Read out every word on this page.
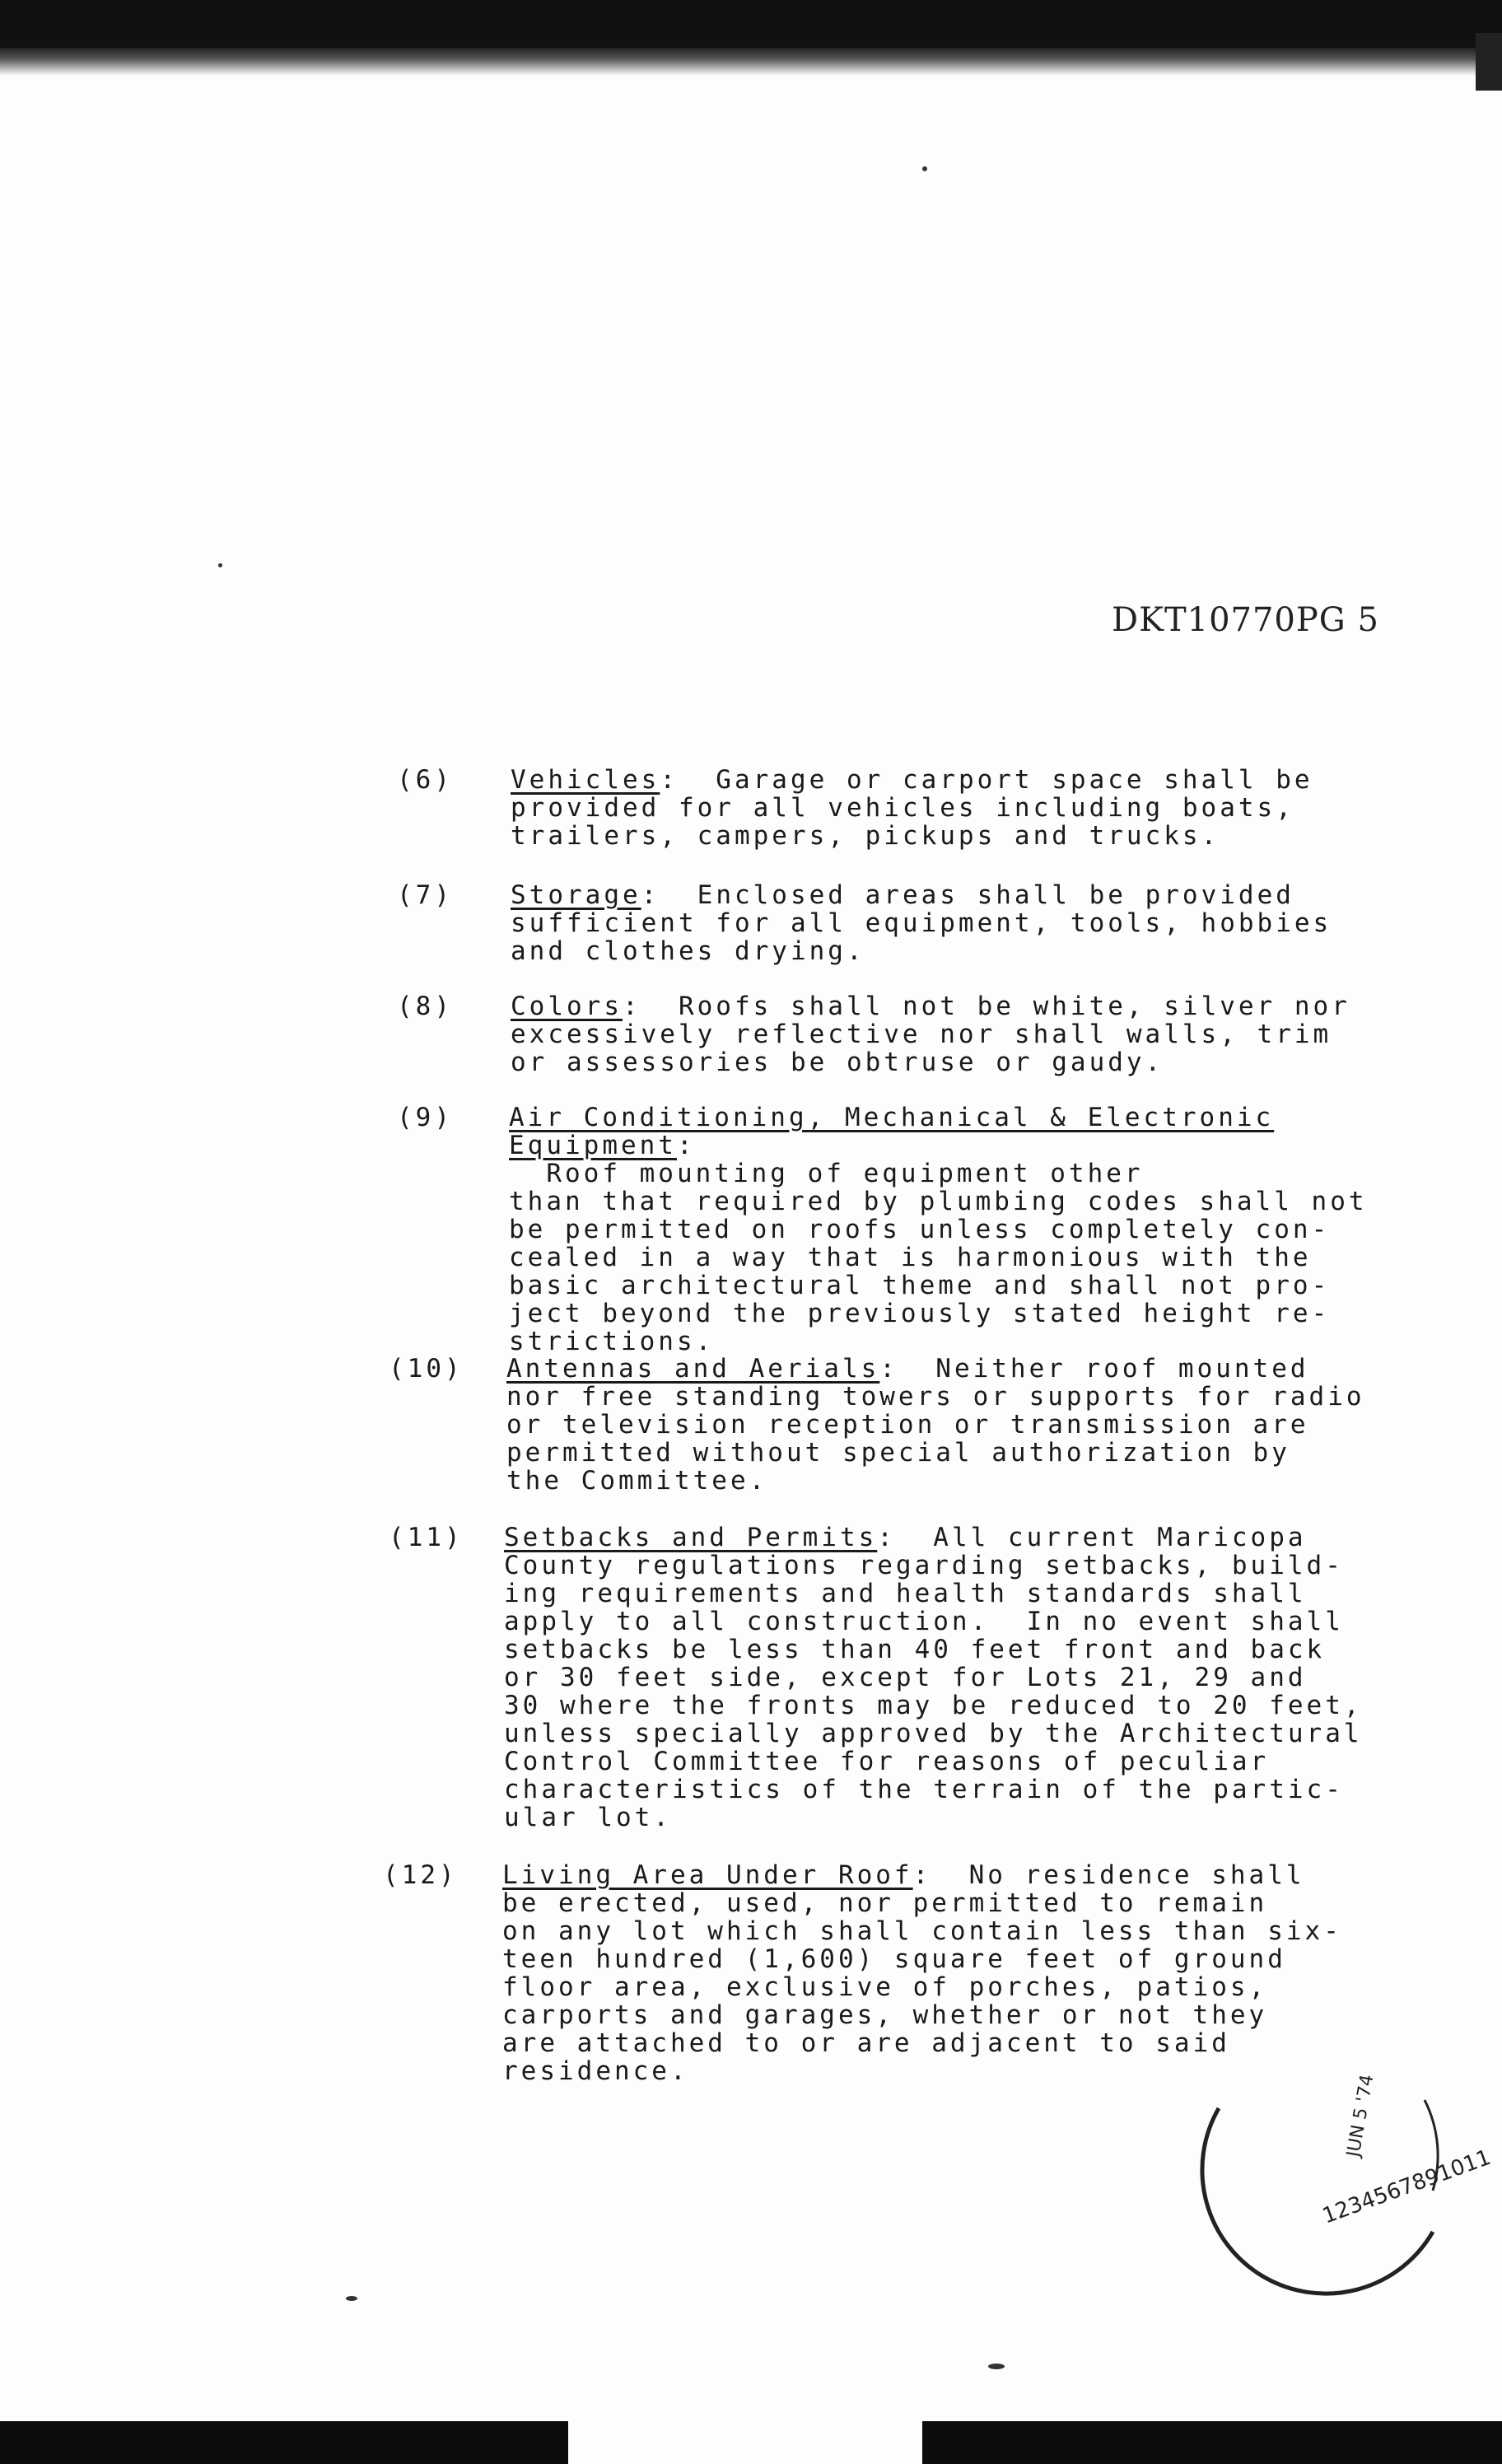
DKT10770PG 5
(6)	Vehicles:  Garage or carport space shall be
provided for all vehicles including boats,
trailers, campers, pickups and trucks.
(7)	Storage:  Enclosed areas shall be provided
sufficient for all equipment, tools, hobbies
and clothes drying.
(8)	Colors:  Roofs shall not be white, silver nor
excessively reflective nor shall walls, trim
or assessories be obtruse or gaudy.
(9)	Air Conditioning, Mechanical & Electronic
Equipment:
Roof mounting of equipment other
than that required by plumbing codes shall not
be permitted on roofs unless completely con-
cealed in a way that is harmonious with the
basic architectural theme and shall not pro-
ject beyond the previously stated height re-
strictions.
(10)	Antennas and Aerials:  Neither roof mounted
nor free standing towers or supports for radio
or television reception or transmission are
permitted without special authorization by
the Committee.
(11)	Setbacks and Permits:  All current Maricopa
County regulations regarding setbacks, build-
ing requirements and health standards shall
apply to all construction.  In no event shall
setbacks be less than 40 feet front and back
or 30 feet side, except for Lots 21, 29 and
30 where the fronts may be reduced to 20 feet,
unless specially approved by the Architectural
Control Committee for reasons of peculiar
characteristics of the terrain of the partic-
ular lot.
(12)	Living Area Under Roof:  No residence shall
be erected, used, nor permitted to remain
on any lot which shall contain less than six-
teen hundred (1,600) square feet of ground
floor area, exclusive of porches, patios,
carports and garages, whether or not they
are attached to or are adjacent to said
residence.
1234567891011
JUN 5 '74
